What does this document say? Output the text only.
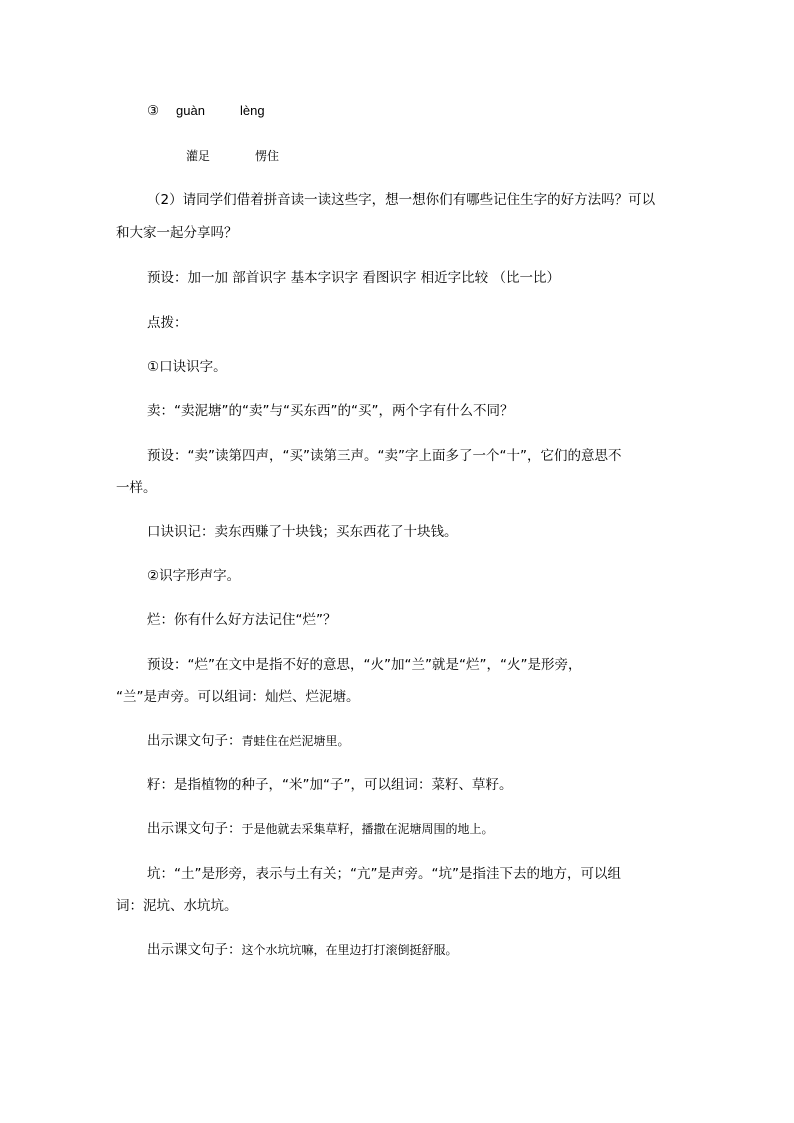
③ guàn	lèng
灌足	愣住
（2）请同学们借着拼音读一读这些字，想一想你们有哪些记住生字的好方法吗？可以
和大家一起分享吗？
预设：加一加 部首识字 基本字识字 看图识字 相近字比较 （比一比）
点拨：
①口诀识字。
卖：“卖泥塘”的“卖”与“买东西”的“买”，两个字有什么不同？
预设：“卖”读第四声，“买”读第三声。“卖”字上面多了一个“十”，它们的意思不
一样。
口诀识记：卖东西赚了十块钱；买东西花了十块钱。
②识字形声字。
烂：你有什么好方法记住“烂”？
预设：“烂”在文中是指不好的意思，“火”加“兰”就是“烂”，“火”是形旁，
“兰”是声旁。可以组词：灿烂、烂泥塘。
出示课文句子：青蛙住在烂泥塘里。
籽：是指植物的种子，“米”加“子”，可以组词：菜籽、草籽。
出示课文句子：于是他就去采集草籽，播撒在泥塘周围的地上。
坑：“土”是形旁，表示与土有关；“亢”是声旁。“坑”是指洼下去的地方，可以组
词：泥坑、水坑坑。
出示课文句子：这个水坑坑嘛，在里边打打滚倒挺舒服。
